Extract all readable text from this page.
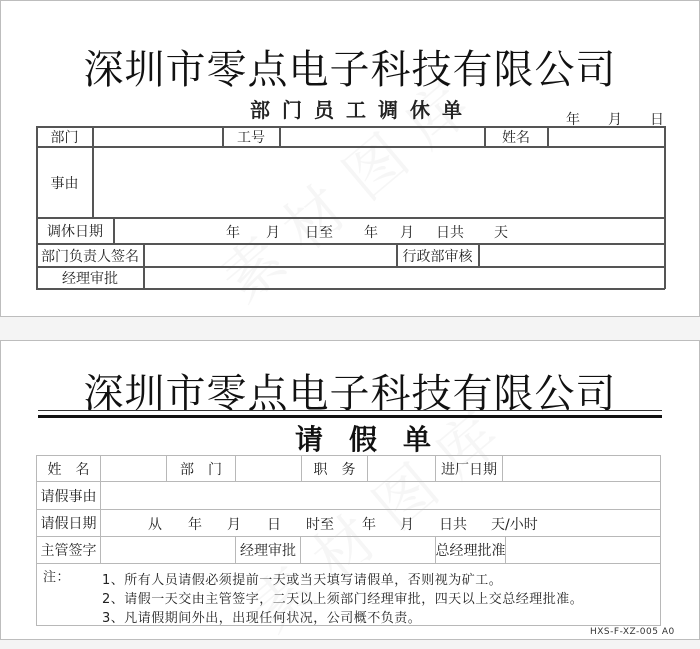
深圳市零点电子科技有限公司
部门员工调休单	年 月 日
部门	工号	姓名
事由
调休日期	年 月 日至 年 月 日共 天
部门负责人签名	行政部审核
经理审批
深圳市零点电子科技有限公司
请假单
姓　名	部　门	职　务	进厂日期
请假事由
请假日期	从 年 月 日 时至 年 月 日共 天/小时
主管签字	经理审批	总经理批准
注： 1、所有人员请假必须提前一天或当天填写请假单，否则视为矿工。
2、请假一天交由主管签字，二天以上须部门经理审批，四天以上交总经理批准。
3、凡请假期间外出，出现任何状况，公司概不负责。
HXS-F-XZ-005 A0
